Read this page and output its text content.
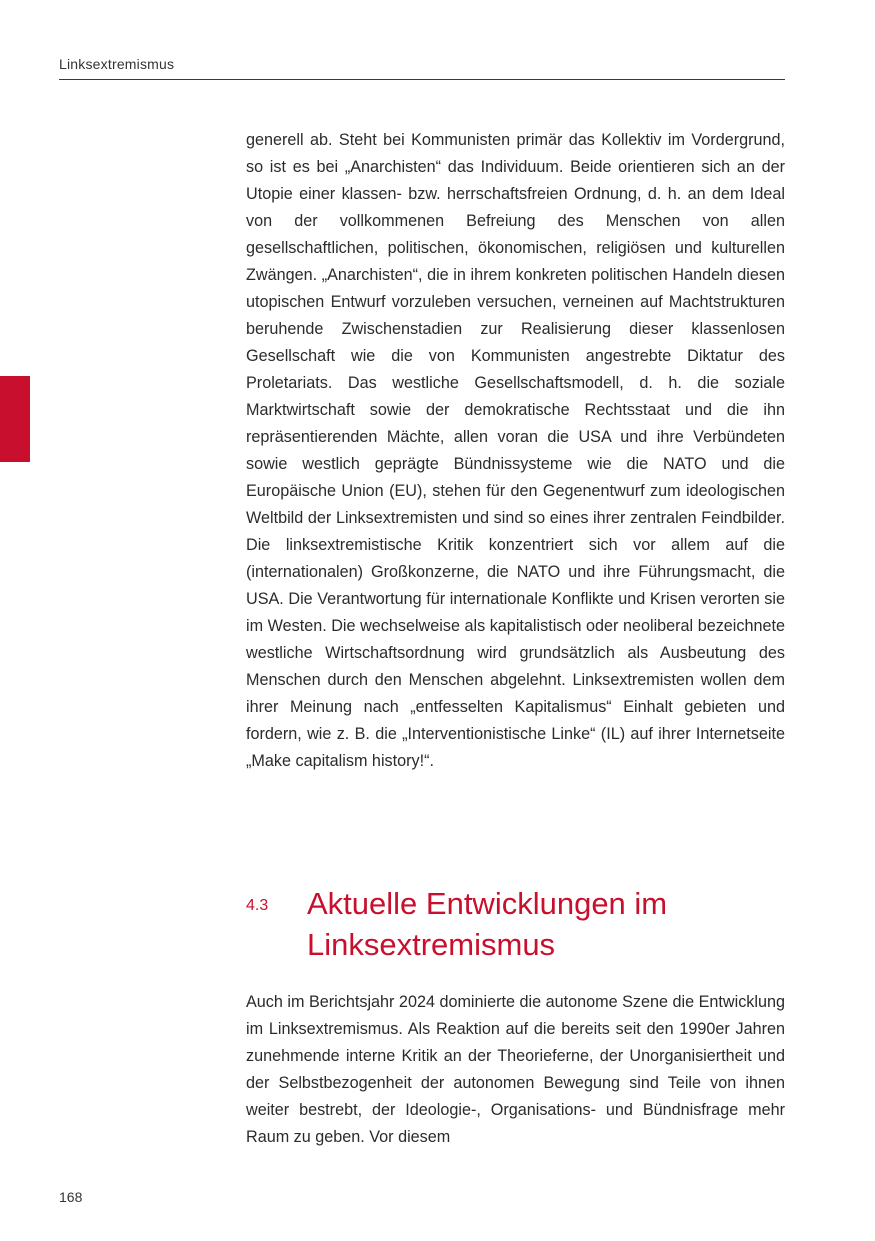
Linksextremismus

generell ab. Steht bei Kommunisten primär das Kollektiv im Vordergrund, so ist es bei „Anarchisten“ das Individuum. Beide orientieren sich an der Utopie einer klassen- bzw. herrschaftsfreien Ordnung, d. h. an dem Ideal von der vollkommenen Befreiung des Menschen von allen gesellschaftlichen, politischen, ökonomischen, religiösen und kulturellen Zwängen. „Anarchisten“, die in ihrem konkreten politischen Handeln diesen utopischen Entwurf vorzuleben versuchen, verneinen auf Machtstrukturen beruhende Zwischenstadien zur Realisierung dieser klassenlosen Gesellschaft wie die von Kommunisten angestrebte Diktatur des Proletariats. Das westliche Gesellschaftsmodell, d. h. die soziale Marktwirtschaft sowie der demokratische Rechtsstaat und die ihn repräsentierenden Mächte, allen voran die USA und ihre Verbündeten sowie westlich geprägte Bündnissysteme wie die NATO und die Europäische Union (EU), stehen für den Gegenentwurf zum ideologischen Weltbild der Linksextremisten und sind so eines ihrer zentralen Feindbilder. Die linksextremistische Kritik konzentriert sich vor allem auf die (internationalen) Großkonzerne, die NATO und ihre Führungsmacht, die USA. Die Verantwortung für internationale Konflikte und Krisen verorten sie im Westen. Die wechselweise als kapitalistisch oder neoliberal bezeichnete westliche Wirtschaftsordnung wird grundsätzlich als Ausbeutung des Menschen durch den Menschen abgelehnt. Linksextremisten wollen dem ihrer Meinung nach „entfesselten Kapitalismus“ Einhalt gebieten und fordern, wie z. B. die „Interventionistische Linke“ (IL) auf ihrer Internetseite „Make capitalism history!“.

4.3 Aktuelle Entwicklungen im Linksextremismus

Auch im Berichtsjahr 2024 dominierte die autonome Szene die Entwicklung im Linksextremismus. Als Reaktion auf die bereits seit den 1990er Jahren zunehmende interne Kritik an der Theorieferne, der Unorganisiertheit und der Selbstbezogenheit der autonomen Bewegung sind Teile von ihnen weiter bestrebt, der Ideologie-, Organisations- und Bündnisfrage mehr Raum zu geben. Vor diesem

168
